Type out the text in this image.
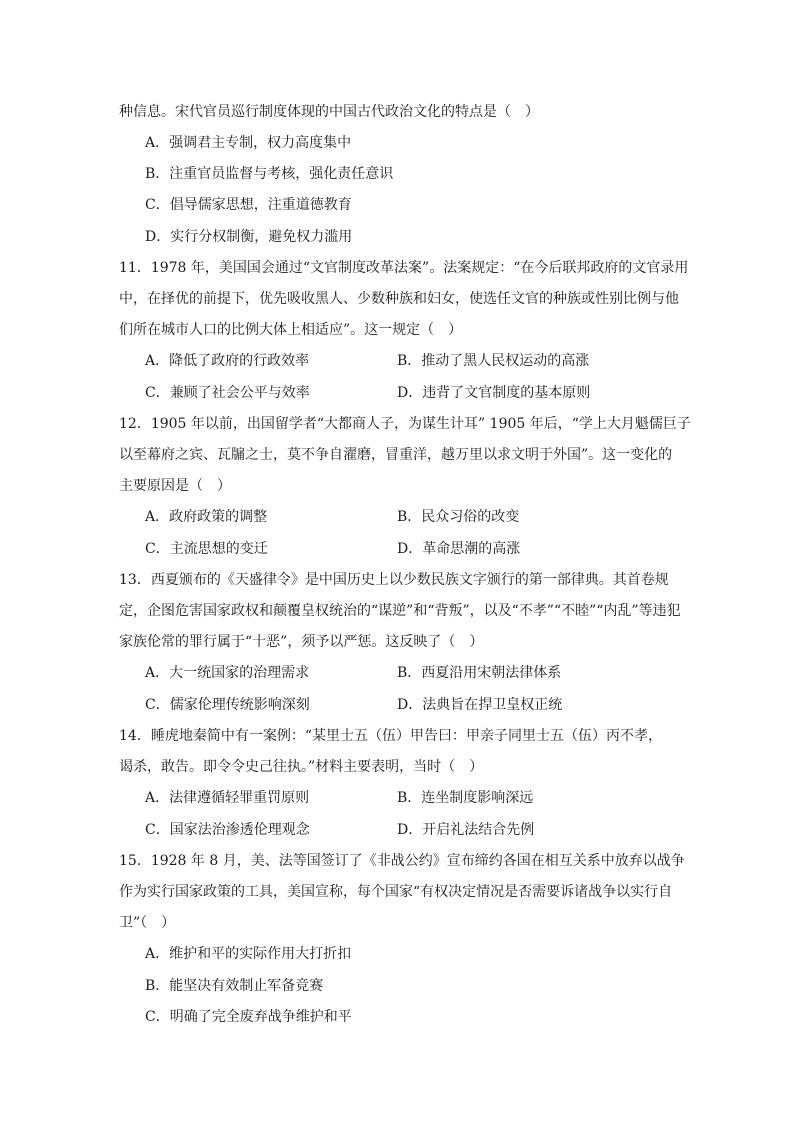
种信息。宋代官员巡行制度体现的中国古代政治文化的特点是（　）
A．强调君主专制，权力高度集中
B．注重官员监督与考核，强化责任意识
C．倡导儒家思想，注重道德教育
D．实行分权制衡，避免权力滥用
11．1978 年，美国国会通过“文官制度改革法案”。法案规定：“在今后联邦政府的文官录用
中，在择优的前提下，优先吸收黑人、少数种族和妇女，使选任文官的种族或性别比例与他
们所在城市人口的比例大体上相适应”。这一规定（　）
A．降低了政府的行政效率	B．推动了黑人民权运动的高涨
C．兼顾了社会公平与效率	D．违背了文官制度的基本原则
12．1905 年以前，出国留学者“大都商人子，为谋生计耳” 1905 年后，“学上大月魁儒巨子
以至幕府之宾、瓦牖之士，莫不争自濯磨，冒重洋，越万里以求文明于外国”。这一变化的
主要原因是（　）
A．政府政策的调整	B．民众习俗的改变
C．主流思想的变迁	D．革命思潮的高涨
13．西夏颁布的《天盛律令》是中国历史上以少数民族文字颁行的第一部律典。其首卷规
定，企图危害国家政权和颠覆皇权统治的“谋逆”和“背叛”，以及“不孝”“不睦”“内乱”等违犯
家族伦常的罪行属于“十恶”，须予以严惩。这反映了（　）
A．大一统国家的治理需求	B．西夏沿用宋朝法律体系
C．儒家伦理传统影响深刻	D．法典旨在捍卫皇权正统
14．睡虎地秦简中有一案例：“某里士五（伍）甲告曰：甲亲子同里士五（伍）丙不孝，
谒杀，敢告。即令令史己往执。”材料主要表明，当时（　）
A．法律遵循轻罪重罚原则	B．连坐制度影响深远
C．国家法治渗透伦理观念	D．开启礼法结合先例
15．1928 年 8 月，美、法等国签订了《非战公约》宣布缔约各国在相互关系中放弃以战争
作为实行国家政策的工具，美国宣称，每个国家“有权决定情况是否需要诉诸战争以实行自
卫”（　）
A．维护和平的实际作用大打折扣
B．能坚决有效制止军备竞赛
C．明确了完全废弃战争维护和平
